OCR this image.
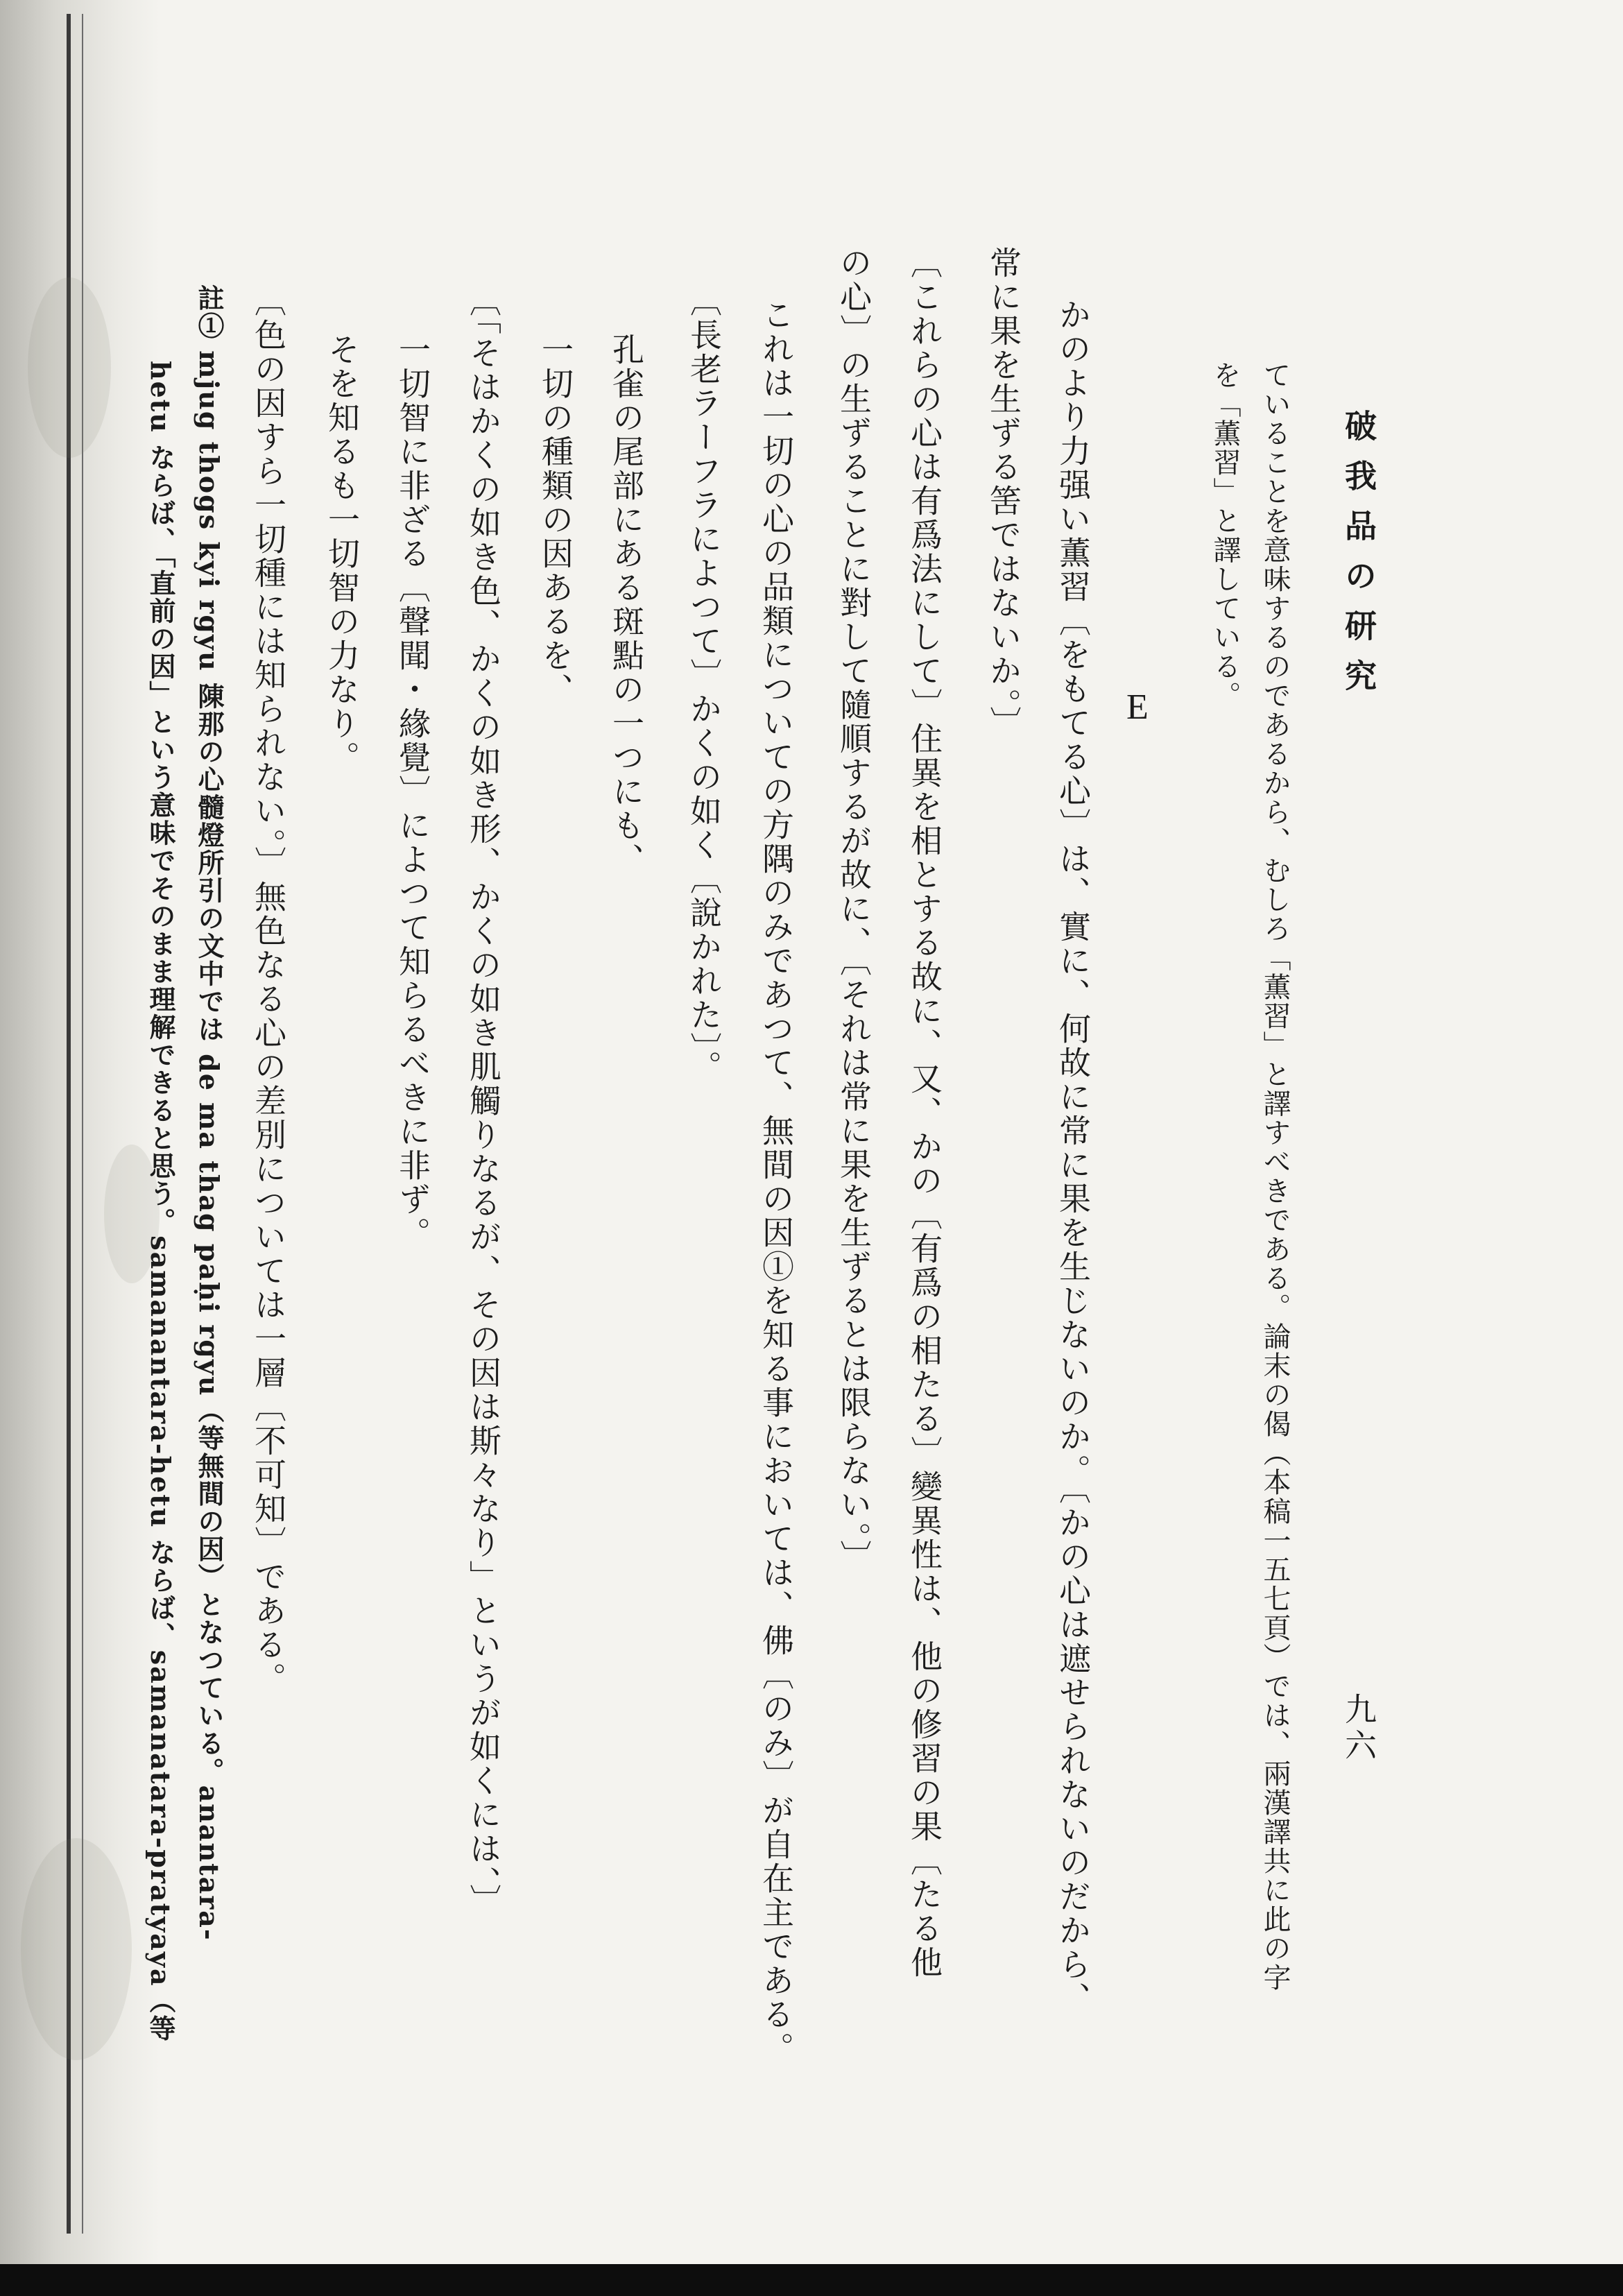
破我品の研究

九六

E	ていることを意味するのであるから、むしろ「薫習」と譯すべきである。論末の偈（本稿一五七頁）では、兩漢譯共に此の字

を「薫習」と譯している。

かのより力强い薫習〔をもてる心〕は、實に、何故に常に果を生じないのか。〔かの心は遮せられないのだから、

常に果を生ずる筈ではないか。〕

〔これらの心は有爲法にして〕住異を相とする故に、又、かの〔有爲の相たる〕變異性は、他の修習の果〔たる他

の心〕の生ずることに對して隨順するが故に、〔それは常に果を生ずるとは限らない。〕

これは一切の心の品類についての方隅のみであつて、無間の因①を知る事においては、佛〔のみ〕が自在主である。

〔長老ラーフラによつて〕かくの如く〔說かれた〕。

孔雀の尾部にある斑點の一つにも、

一切の種類の因あるを、

〔「そはかくの如き色、かくの如き形、かくの如き肌觸りなるが、その因は斯々なり」というが如くには、〕

一切智に非ざる〔聲聞・緣覺〕によつて知らるべきに非ず。

そを知るも一切智の力なり。

〔色の因すら一切種には知られない。〕無色なる心の差別については一層〔不可知〕である。

註① mjug thogs kyi rgyu 陳那の心髓燈所引の文中では de ma thag paḥi rgyu（等無間の因）となつている。anantara-

hetu ならば、「直前の因」という意味でそのまま理解できると思う。samanantara-hetu ならば、samanatara-pratyaya（等
